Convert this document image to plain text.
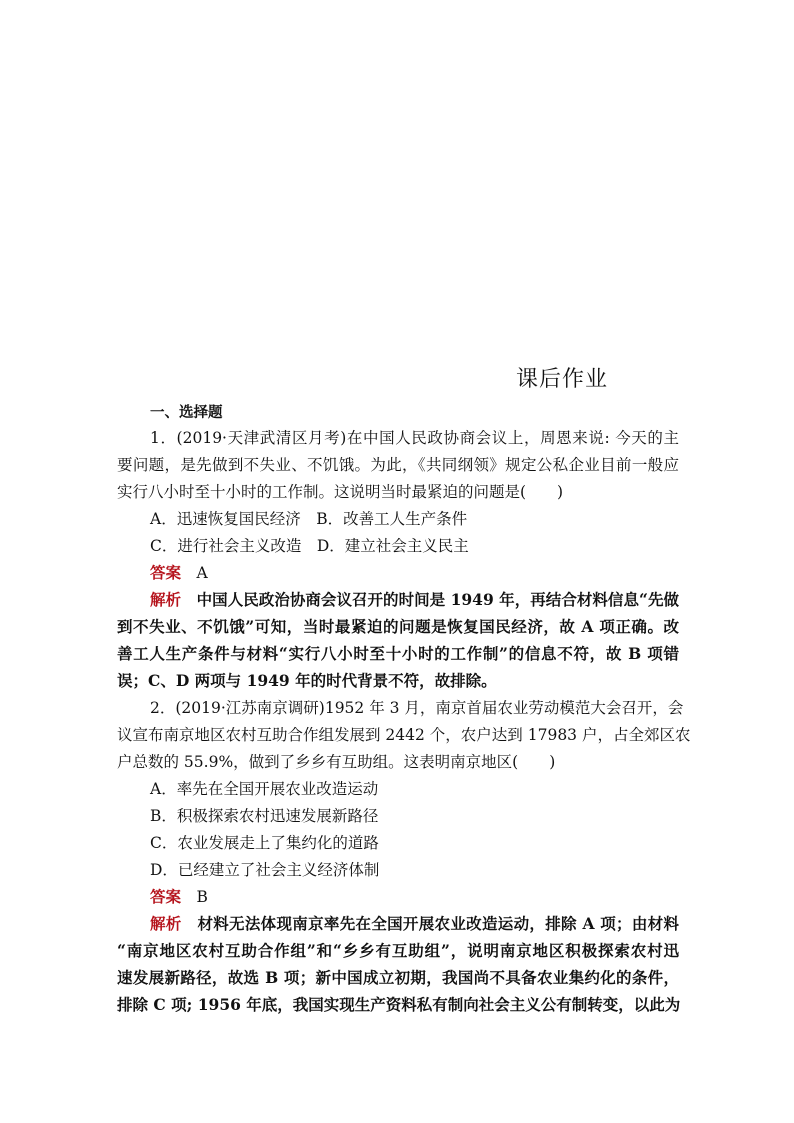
课后作业
一、选择题
1．(2019·天津武清区月考)在中国人民政协商会议上，周恩来说: 今天的主
要问题，是先做到不失业、不饥饿。为此，《共同纲领》规定公私企业目前一般应
实行八小时至十小时的工作制。这说明当时最紧迫的问题是(　　)
A．迅速恢复国民经济　B．改善工人生产条件
C．进行社会主义改造　D．建立社会主义民主
答案　 A
解析　 中国人民政治协商会议召开的时间是 1949 年，再结合材料信息“先做
到不失业、不饥饿”可知，当时最紧迫的问题是恢复国民经济，故 A 项正确。改
善工人生产条件与材料“实行八小时至十小时的工作制”的信息不符，故 B 项错
误；C、D 两项与 1949 年的时代背景不符，故排除。
2．(2019·江苏南京调研)1952 年 3 月，南京首届农业劳动模范大会召开，会
议宣布南京地区农村互助合作组发展到 2442 个，农户达到 17983 户，占全郊区农
户总数的 55.9%，做到了乡乡有互助组。这表明南京地区(　　)
A．率先在全国开展农业改造运动
B．积极探索农村迅速发展新路径
C．农业发展走上了集约化的道路
D．已经建立了社会主义经济体制
答案　 B
解析　 材料无法体现南京率先在全国开展农业改造运动，排除 A 项；由材料
“南京地区农村互助合作组”和“乡乡有互助组”，说明南京地区积极探索农村迅
速发展新路径，故选 B 项；新中国成立初期，我国尚不具备农业集约化的条件，
排除 C 项; 1956 年底，我国实现生产资料私有制向社会主义公有制转变，以此为
